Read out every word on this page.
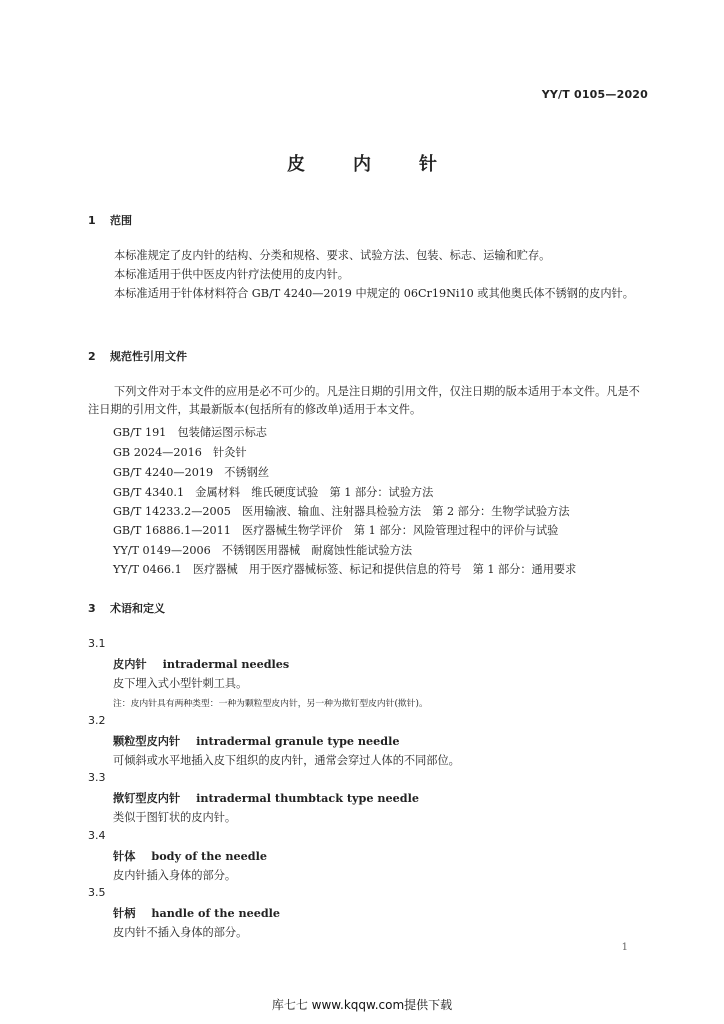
YY/T 0105—2020
皮	内	针
1 范围
本标准规定了皮内针的结构、分类和规格、要求、试验方法、包装、标志、运输和贮存。
本标准适用于供中医皮内针疗法使用的皮内针。
本标准适用于针体材料符合 GB/T 4240—2019 中规定的 06Cr19Ni10 或其他奥氏体不锈钢的皮内针。
2 规范性引用文件
下列文件对于本文件的应用是必不可少的。凡是注日期的引用文件，仅注日期的版本适用于本文件。凡是不注日期的引用文件，其最新版本(包括所有的修改单)适用于本文件。
GB/T 191　包装储运图示标志
GB 2024—2016　针灸针
GB/T 4240—2019　不锈钢丝
GB/T 4340.1　金属材料　维氏硬度试验　第 1 部分：试验方法
GB/T 14233.2—2005　医用输液、输血、注射器具检验方法　第 2 部分：生物学试验方法
GB/T 16886.1—2011　医疗器械生物学评价　第 1 部分：风险管理过程中的评价与试验
YY/T 0149—2006　不锈钢医用器械　耐腐蚀性能试验方法
YY/T 0466.1　医疗器械　用于医疗器械标签、标记和提供信息的符号　第 1 部分：通用要求
3 术语和定义
3.1
皮内针 intradermal needles
皮下埋入式小型针刺工具。
注：皮内针具有两种类型：一种为颗粒型皮内针，另一种为揿钉型皮内针(揿针)。
3.2
颗粒型皮内针 intradermal granule type needle
可倾斜或水平地插入皮下组织的皮内针，通常会穿过人体的不同部位。
3.3
揿钉型皮内针 intradermal thumbtack type needle
类似于图钉状的皮内针。
3.4
针体 body of the needle
皮内针插入身体的部分。
3.5
针柄 handle of the needle
皮内针不插入身体的部分。
1
库七七 www.kqqw.com提供下载
